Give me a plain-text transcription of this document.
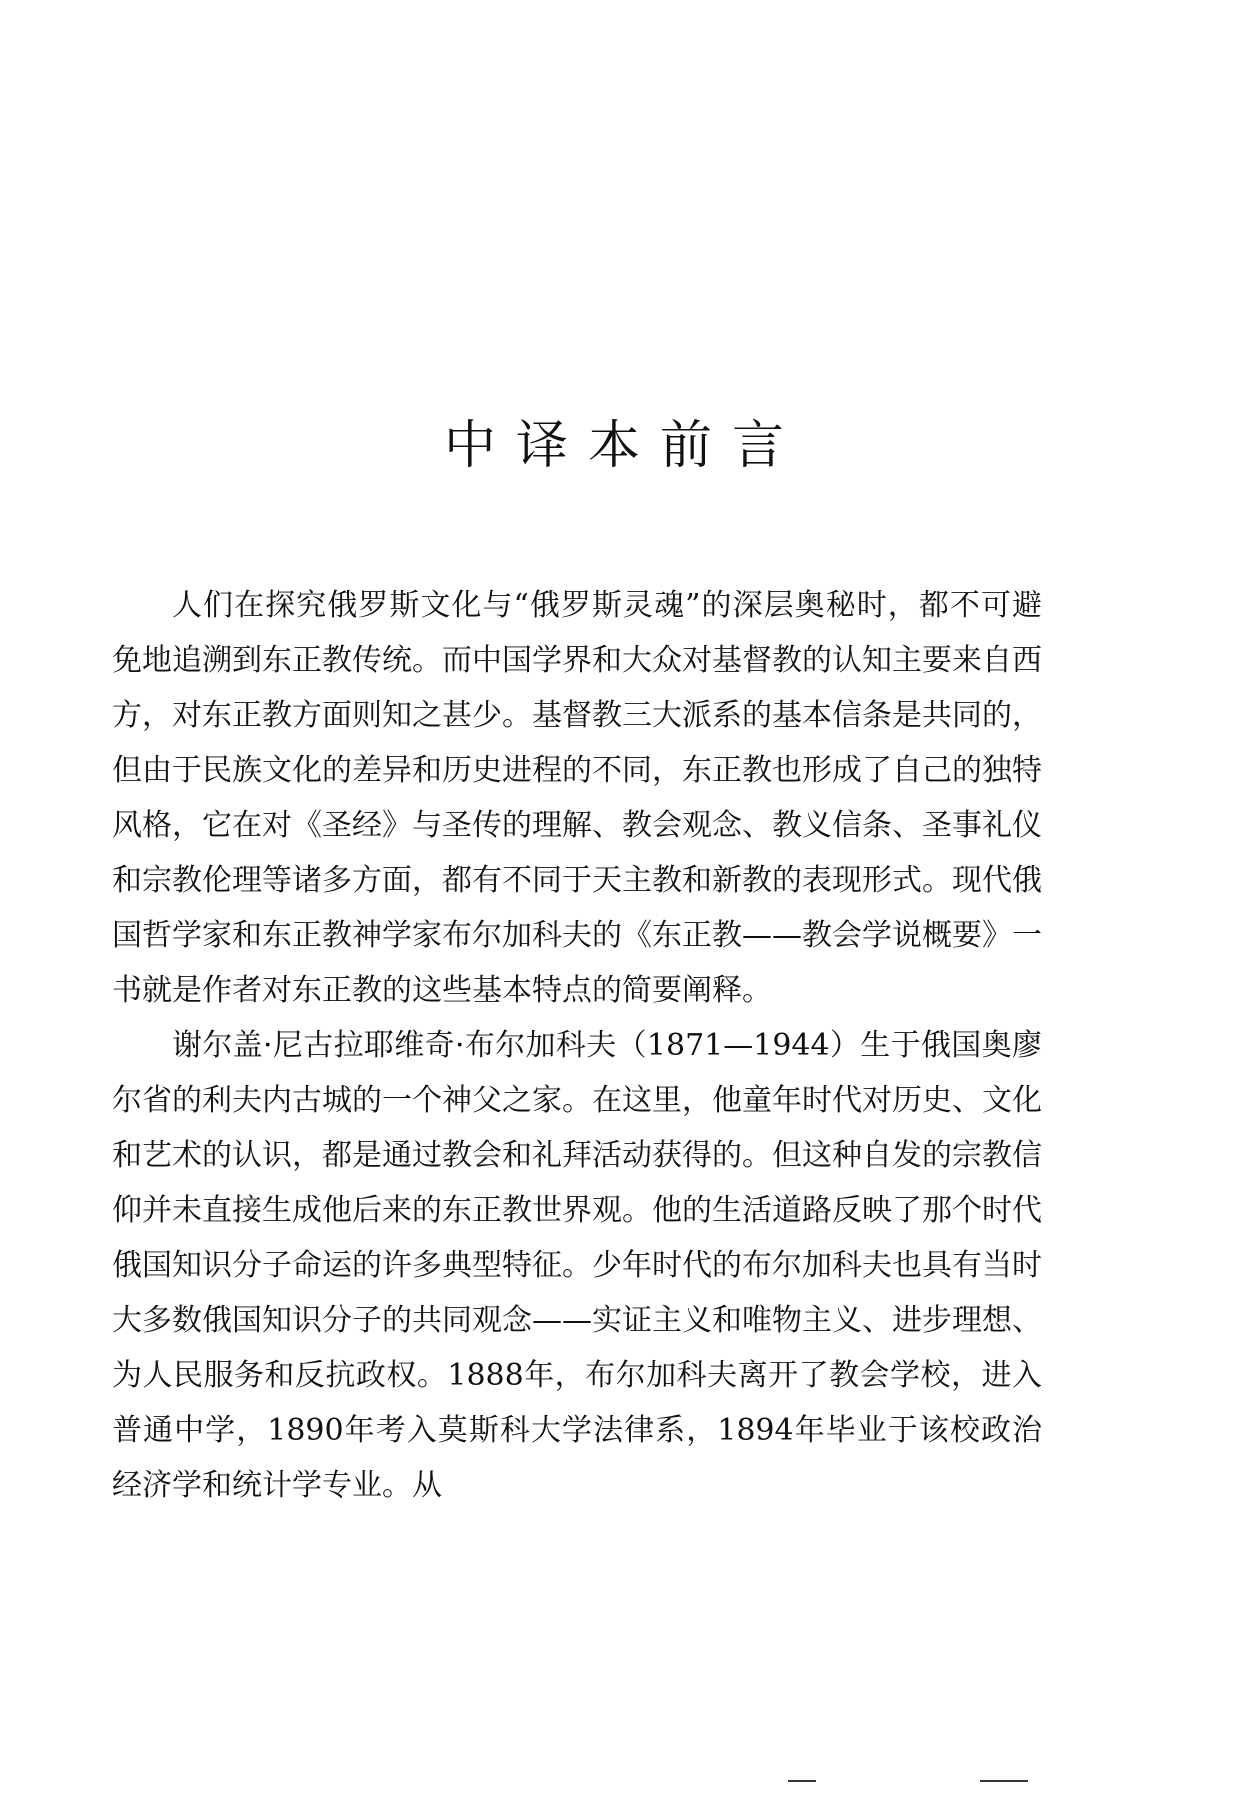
中译本前言

人们在探究俄罗斯文化与“俄罗斯灵魂”的深层奥秘时，都不可避免地追溯到东正教传统。而中国学界和大众对基督教的认知主要来自西方，对东正教方面则知之甚少。基督教三大派系的基本信条是共同的，但由于民族文化的差异和历史进程的不同，东正教也形成了自己的独特风格，它在对《圣经》与圣传的理解、教会观念、教义信条、圣事礼仪和宗教伦理等诸多方面，都有不同于天主教和新教的表现形式。现代俄国哲学家和东正教神学家布尔加科夫的《东正教——教会学说概要》一书就是作者对东正教的这些基本特点的简要阐释。

谢尔盖·尼古拉耶维奇·布尔加科夫（1871—1944）生于俄国奥廖尔省的利夫内古城的一个神父之家。在这里，他童年时代对历史、文化和艺术的认识，都是通过教会和礼拜活动获得的。但这种自发的宗教信仰并未直接生成他后来的东正教世界观。他的生活道路反映了那个时代俄国知识分子命运的许多典型特征。少年时代的布尔加科夫也具有当时大多数俄国知识分子的共同观念——实证主义和唯物主义、进步理想、为人民服务和反抗政权。1888年，布尔加科夫离开了教会学校，进入普通中学，1890年考入莫斯科大学法律系，1894年毕业于该校政治经济学和统计学专业。从
